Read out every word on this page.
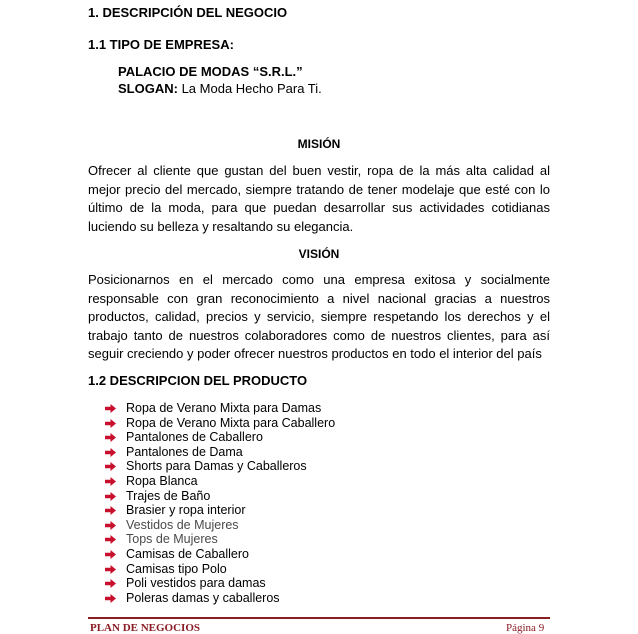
1. DESCRIPCIÓN DEL NEGOCIO
1.1 TIPO DE EMPRESA:
PALACIO DE MODAS “S.R.L.”
SLOGAN: La Moda Hecho Para Ti.
MISIÓN
Ofrecer al cliente que gustan del buen vestir, ropa de la más alta calidad al mejor precio del mercado, siempre tratando de tener modelaje que esté con lo último de la moda, para que puedan desarrollar sus actividades cotidianas luciendo su belleza y resaltando su elegancia.
VISIÓN
Posicionarnos en el mercado como una empresa exitosa y socialmente responsable con gran reconocimiento a nivel nacional gracias a nuestros productos, calidad, precios y servicio, siempre respetando los derechos y el trabajo tanto de nuestros colaboradores como de nuestros clientes, para así seguir creciendo y poder ofrecer nuestros productos en todo el interior del país
1.2 DESCRIPCION DEL PRODUCTO
Ropa de Verano Mixta para Damas
Ropa de Verano Mixta para Caballero
Pantalones de Caballero
Pantalones de Dama
Shorts para Damas y Caballeros
Ropa Blanca
Trajes de Baño
Brasier y ropa interior
Vestidos de Mujeres
Tops de Mujeres
Camisas de Caballero
Camisas tipo Polo
Poli vestidos para damas
Poleras damas y caballeros
PLAN DE NEGOCIOS	Página 9
